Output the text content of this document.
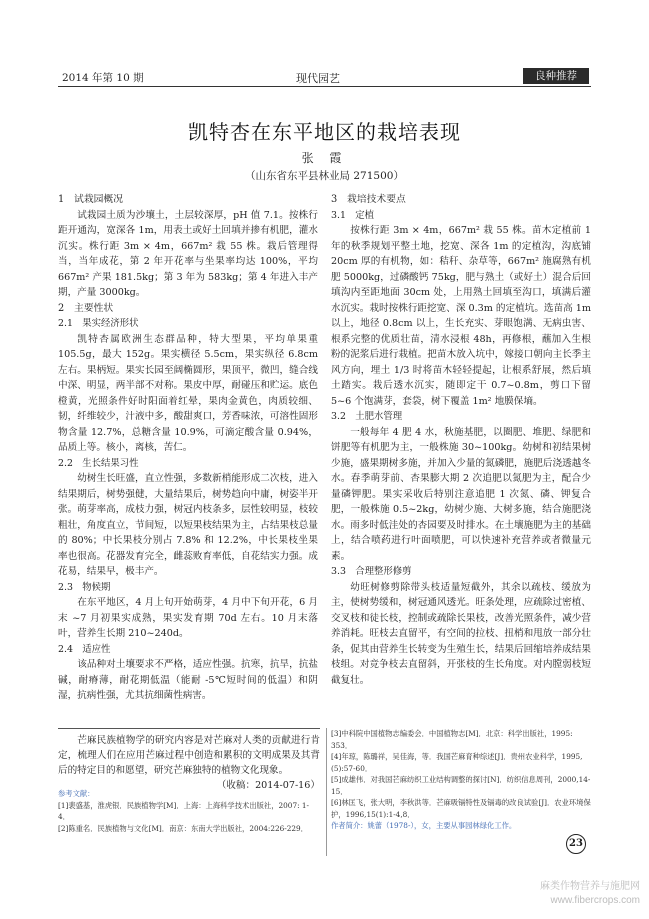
2014 年第 10 期	现代园艺	良种推荐
凯特杏在东平地区的栽培表现
张 霞
（山东省东平县林业局 271500）

1　试栽园概况

试栽园土质为沙壤土，土层较深厚，pH 值 7.1。按株行距开通沟，宽深各 1m，用表土或好土回填并掺有机肥，灌水沉实。株行距 3m × 4m，667m² 栽 55 株。栽后管理得当，当年成花，第 2 年开花率与坐果率均达 100%，平均 667m² 产果 181.5kg；第 3 年为 583kg；第 4 年进入丰产期，产量 3000kg。

2　主要性状

2.1　果实经济形状

凯特杏属欧洲生态群品种，特大型果，平均单果重 105.5g，最大 152g。果实横径 5.5cm，果实纵径 6.8cm 左右。果柄短。果实长园至阔椭圆形，果顶平，微凹，缝合线中深、明显，两半部不对称。果皮中厚，耐碰压和贮运。底色橙黄，光照条件好时阳面着红晕，果肉金黄色，肉质较细、韧，纤维较少，汁液中多，酸甜爽口，芳香味浓，可溶性固形物含量 12.7%，总糖含量 10.9%，可滴定酸含量 0.94%，品质上等。核小，离核，苦仁。

2.2　生长结果习性

幼树生长旺盛，直立性强，多数新梢能形成二次枝，进入结果期后，树势强健，大量结果后，树势趋向中庸，树姿半开张。萌芽率高，成枝力强，树冠内枝条多，层性较明显，枝较粗壮，角度直立，节间短，以短果枝结果为主，占结果枝总量的 80%；中长果枝分别占 7.8% 和 12.2%，中长果枝坐果率也很高。花器发育完全，雌蕊败育率低，自花结实力强。成花易，结果早，极丰产。

2.3　物候期

在东平地区，4 月上旬开始萌芽，4 月中下旬开花，6 月末 ~7 月初果实成熟，果实发育期 70d 左右。10 月末落叶，营养生长期 210~240d。

2.4　适应性

该品种对土壤要求不严格，适应性强。抗寒，抗旱，抗盐碱，耐瘠薄，耐花期低温（能耐 -5℃短时间的低温）和阴湿，抗病性强，尤其抗细菌性病害。

3　栽培技术要点

3.1　定植

按株行距 3m × 4m，667m² 栽 55 株。苗木定植前 1 年的秋季规划平整土地，挖宽、深各 1m 的定植沟，沟底铺 20cm 厚的有机物，如：秸秆、杂草等，667m² 施腐熟有机肥 5000kg，过磷酸钙 75kg，肥与熟土（或好土）混合后回填沟内至距地面 30cm 处，上用熟土回填至沟口，填满后灌水沉实。栽时按株行距挖宽、深 0.3m 的定植坑。选苗高 1m 以上，地径 0.8cm 以上，生长充实、芽眼饱满、无病虫害、根系完整的优质壮苗，清水浸根 48h，再修根，蘸加入生根粉的泥浆后进行栽植。把苗木放入坑中，嫁接口朝向主长季主风方向，埋土 1/3 时将苗木轻轻提起，让根系舒展，然后填土踏实。栽后透水沉实，随即定干 0.7~0.8m，剪口下留 5~6 个饱满芽，套袋，树下覆盖 1m² 地膜保墒。

3.2　土肥水管理

一般每年 4 肥 4 水，秋施基肥，以圈肥、堆肥、绿肥和饼肥等有机肥为主，一般株施 30~100kg。幼树和初结果树少施，盛果期树多施，并加入少量的氮磷肥，施肥后浇透越冬水。春季萌芽前、杏果膨大期 2 次追肥以氮肥为主，配合少量磷钾肥。果实采收后特别注意追肥 1 次氮、磷、钾复合肥，一般株施 0.5~2kg，幼树少施、大树多施，结合施肥浇水。雨多时低洼处的杏园要及时排水。在土壤施肥为主的基础上，结合喷药进行叶面喷肥，可以快速补充营养或者微量元素。

3.3　合理整形修剪

幼旺树修剪除带头枝适量短截外，其余以疏枝、缓放为主，使树势缓和，树冠通风透光。旺条处理，应疏除过密植、交叉枝和徒长枝，控制或疏除长果枝，改善光照条件，减少营养消耗。旺枝去直留平，有空间的拉枝、扭梢和甩放一部分壮条，促其由营养生长转变为生殖生长，结果后回缩培养成结果枝组。对竞争枝去直留斜，开张枝的生长角度。对内膛弱枝短截复壮。

芒麻民族植物学的研究内容是对芒麻对人类的贡献进行肯定，梳理人们在应用芒麻过程中创造和累积的文明成果及其背后的特定目的和愿望，研究芒麻独特的植物文化现象。
（收稿：2014-07-16）

参考文献：

[1]裴盛基，淮虎银．民族植物学[M]．上海：上海科学技术出版社，2007: 1-4．

[2]陈重名．民族植物与文化[M]．南京：东南大学出版社，2004:226-229．

[3]中科院中国植物志编委会．中国植物志[M]．北京：科学出版社，1995: 353．

[4]年琼，陈璐祥，吴佳海，等．我国芒麻育种综述[J]．贵州农业科学，1995,(5):57-60．

[5]成雄伟．对我国芒麻纺织工业结构调整的探讨[N]．纺织信息周刊，2000,14-15．

[6]林匡飞，张大明，李秋洪等．芒麻吸镉特性及镉毒的改良试验[J]．农业环境保护，1996,15(1):1-4,8．

作者简介：姚蕾（1978-），女，主要从事园林绿化工作。

23
麻类作物营养与施肥网
www.fibercrops.com
